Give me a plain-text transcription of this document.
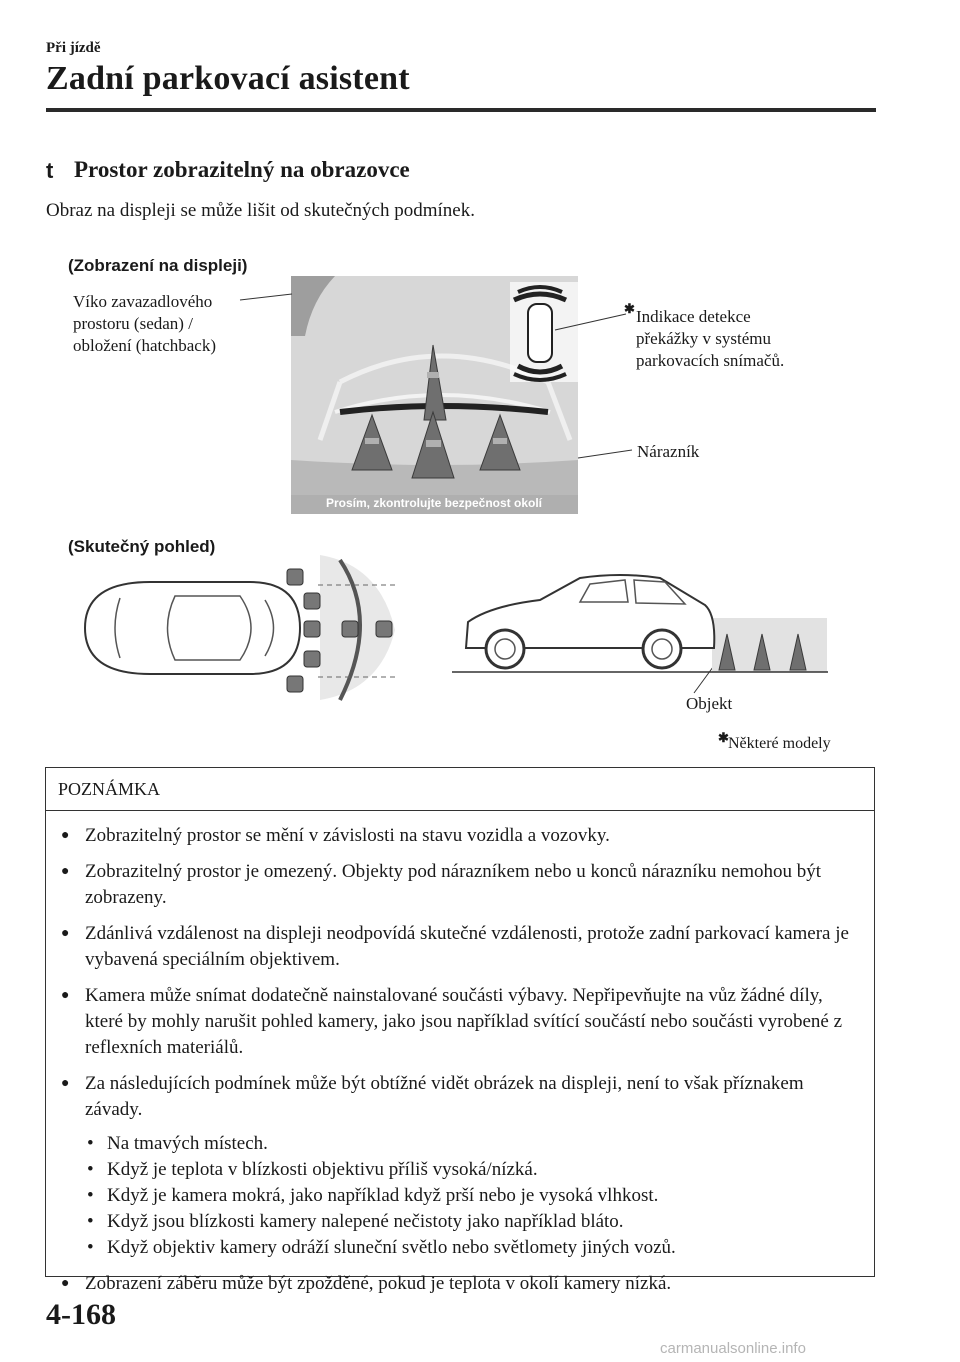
Při jízdě
Zadní parkovací asistent
t Prostor zobrazitelný na obrazovce
Obraz na displeji se může lišit od skutečných podmínek.
(Zobrazení na displeji)
(Skutečný pohled)
Prosím, zkontrolujte bezpečnost okolí
Víko zavazadlového
prostoru (sedan) /
obložení (hatchback)
✱ Indikace detekce
překážky v systému
parkovacích snímačů.
Nárazník
Objekt
✱ Některé modely
POZNÁMKA
● Zobrazitelný prostor se mění v závislosti na stavu vozidla a vozovky.
● Zobrazitelný prostor je omezený. Objekty pod nárazníkem nebo u konců nárazníku nemohou být zobrazeny.
● Zdánlivá vzdálenost na displeji neodpovídá skutečné vzdálenosti, protože zadní parkovací kamera je vybavená speciálním objektivem.
● Kamera může snímat dodatečně nainstalované součásti výbavy. Nepřipevňujte na vůz žádné díly, které by mohly narušit pohled kamery, jako jsou například svítící součástí nebo součásti vyrobené z reflexních materiálů.
● Za následujících podmínek může být obtížné vidět obrázek na displeji, není to však příznakem závady.
• Na tmavých místech.
• Když je teplota v blízkosti objektivu příliš vysoká/nízká.
• Když je kamera mokrá, jako například když prší nebo je vysoká vlhkost.
• Když jsou blízkosti kamery nalepené nečistoty jako například bláto.
• Když objektiv kamery odráží sluneční světlo nebo světlomety jiných vozů.
● Zobrazení záběru může být zpožděné, pokud je teplota v okolí kamery nízká.
4-168
carmanualsonline.info
